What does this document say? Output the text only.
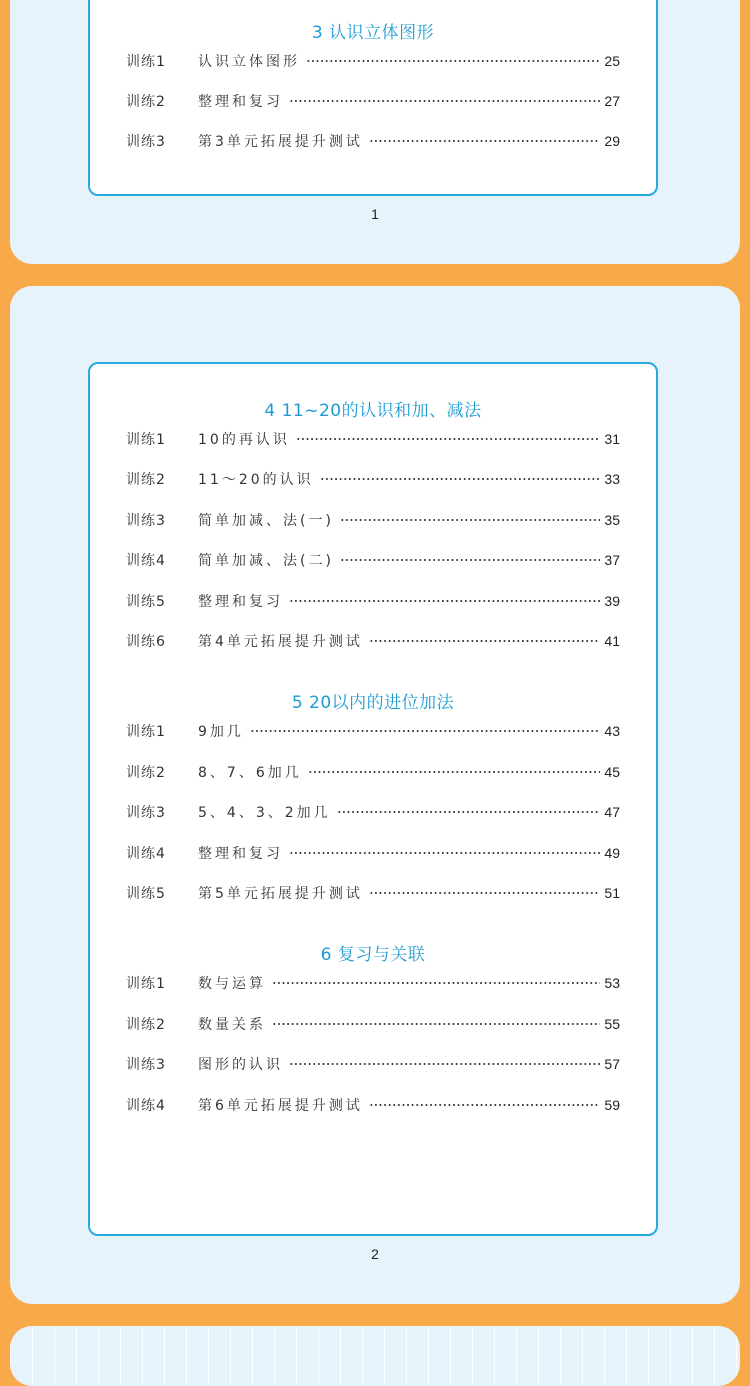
3 认识立体图形
训练1	认识立体图形	25
训练2	整理和复习	27
训练3	第3单元拓展提升测试	29
1
4 11~20的认识和加、减法
训练1	10的再认识	31
训练2	11～20的认识	33
训练3	简单加减、法(一)	35
训练4	简单加减、法(二)	37
训练5	整理和复习	39
训练6	第4单元拓展提升测试	41
5 20以内的进位加法
训练1	9加几	43
训练2	8、7、6加几	45
训练3	5、4、3、2加几	47
训练4	整理和复习	49
训练5	第5单元拓展提升测试	51
6 复习与关联
训练1	数与运算	53
训练2	数量关系	55
训练3	图形的认识	57
训练4	第6单元拓展提升测试	59
2
